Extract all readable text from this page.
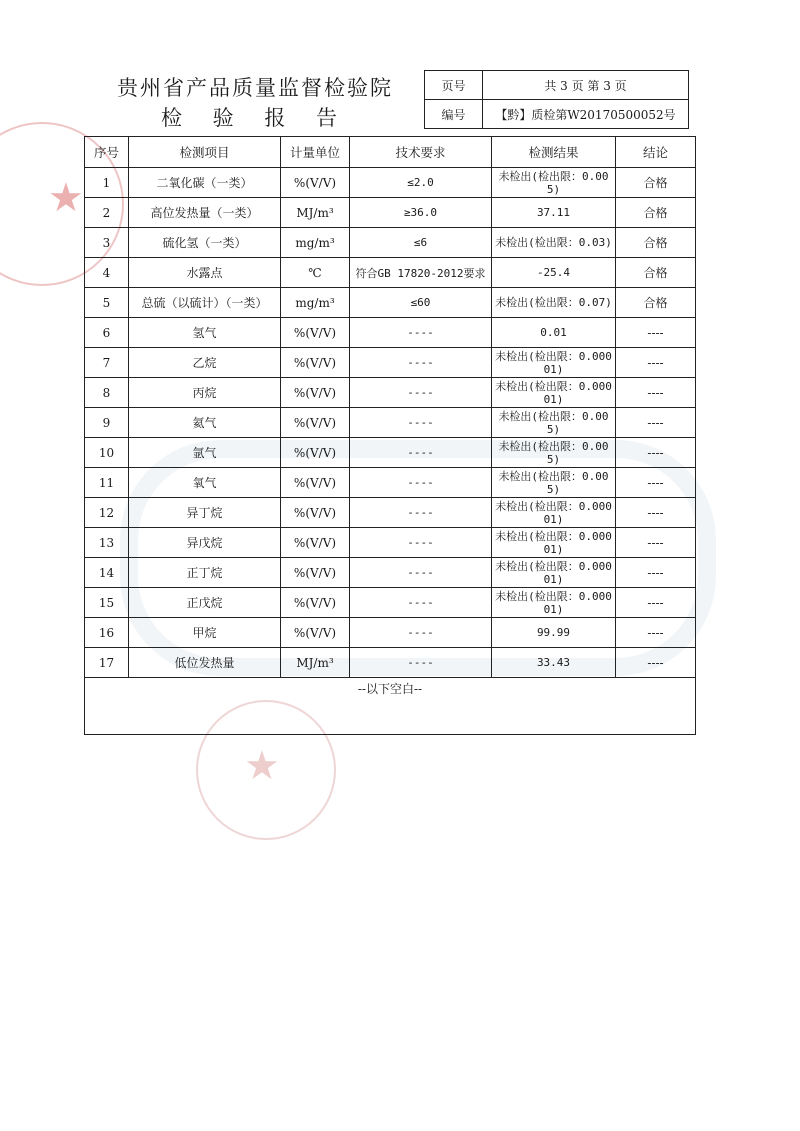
★
★
贵州省产品质量监督检验院
检 验 报 告
页号	共 3 页 第 3 页
编号	【黔】质检第W20170500052号
序号	检测项目	计量单位	技术要求	检测结果	结论
1	二氧化碳（一类）	%(V/V)	≤2.0	未检出(检出限：0.005)	合格
2	高位发热量（一类）	MJ/m³	≥36.0	37.11	合格
3	硫化氢（一类）	mg/m³	≤6	未检出(检出限：0.03)	合格
4	水露点	℃	符合GB 17820-2012要求	-25.4	合格
5	总硫（以硫计）（一类）	mg/m³	≤60	未检出(检出限：0.07)	合格
6	氢气	%(V/V)	----	0.01	----
7	乙烷	%(V/V)	----	未检出(检出限：0.00001)	----
8	丙烷	%(V/V)	----	未检出(检出限：0.00001)	----
9	氦气	%(V/V)	----	未检出(检出限：0.005)	----
10	氩气	%(V/V)	----	未检出(检出限：0.005)	----
11	氧气	%(V/V)	----	未检出(检出限：0.005)	----
12	异丁烷	%(V/V)	----	未检出(检出限：0.00001)	----
13	异戊烷	%(V/V)	----	未检出(检出限：0.00001)	----
14	正丁烷	%(V/V)	----	未检出(检出限：0.00001)	----
15	正戊烷	%(V/V)	----	未检出(检出限：0.00001)	----
16	甲烷	%(V/V)	----	99.99	----
17	低位发热量	MJ/m³	----	33.43	----
--以下空白--					
